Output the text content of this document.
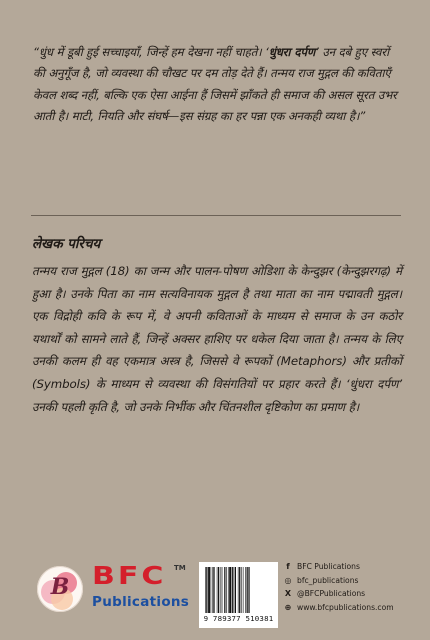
“धुंध में डूबी हुई सच्चाइयाँ, जिन्हें हम देखना नहीं चाहते। ‘धुंधरा दर्पण’ उन दबे हुए स्वरों की अनुगूँज है, जो व्यवस्था की चौखट पर दम तोड़ देते हैं। तन्मय राज मुद्गल की कविताएँ केवल शब्द नहीं, बल्कि एक ऐसा आईना हैं जिसमें झाँकते ही समाज की असल सूरत उभर आती है। माटी, नियति और संघर्ष—इस संग्रह का हर पन्ना एक अनकही व्यथा है।”
लेखक परिचय
तन्मय राज मुद्गल (18) का जन्म और पालन-पोषण ओडिशा के केन्दुझर (केन्दुझरगढ़) में हुआ है। उनके पिता का नाम सत्यविनायक मुद्गल है तथा माता का नाम पद्मावती मुद्गल। एक विद्रोही कवि के रूप में, वे अपनी कविताओं के माध्यम से समाज के उन कठोर यथार्थों को सामने लाते हैं, जिन्हें अक्सर हाशिए पर धकेल दिया जाता है। तन्मय के लिए उनकी कलम ही वह एकमात्र अस्त्र है, जिससे वे रूपकों (Metaphors) और प्रतीकों (Symbols) के माध्यम से व्यवस्था की विसंगतियों पर प्रहार करते हैं। ‘धुंधरा दर्पण’ उनकी पहली कृति है, जो उनके निर्भीक और चिंतनशील दृष्टिकोण का प्रमाण है।
B BFC TM
Publications
9 789377 510381
f BFC Publications
◎ bfc_publications
X @BFCPublications
⊕ www.bfcpublications.com
